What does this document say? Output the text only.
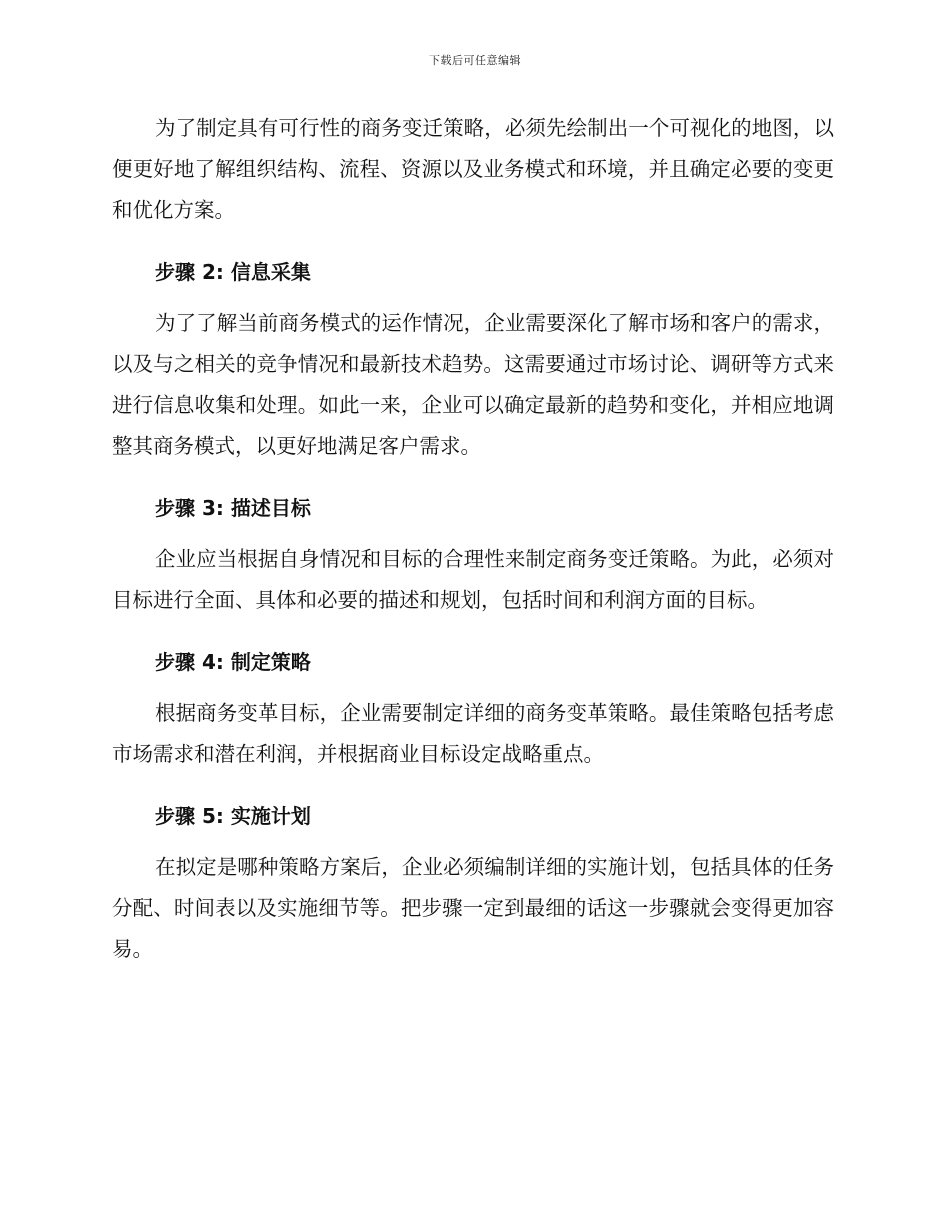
下载后可任意编辑

为了制定具有可行性的商务变迁策略，必须先绘制出一个可视化的地图，以便更好地了解组织结构、流程、资源以及业务模式和环境，并且确定必要的变更和优化方案。

步骤 2: 信息采集

为了了解当前商务模式的运作情况，企业需要深化了解市场和客户的需求，以及与之相关的竞争情况和最新技术趋势。这需要通过市场讨论、调研等方式来进行信息收集和处理。如此一来，企业可以确定最新的趋势和变化，并相应地调整其商务模式，以更好地满足客户需求。

步骤 3: 描述目标

企业应当根据自身情况和目标的合理性来制定商务变迁策略。为此，必须对目标进行全面、具体和必要的描述和规划，包括时间和利润方面的目标。

步骤 4: 制定策略

根据商务变革目标，企业需要制定详细的商务变革策略。最佳策略包括考虑市场需求和潜在利润，并根据商业目标设定战略重点。

步骤 5: 实施计划

在拟定是哪种策略方案后，企业必须编制详细的实施计划，包括具体的任务分配、时间表以及实施细节等。把步骤一定到最细的话这一步骤就会变得更加容易。
